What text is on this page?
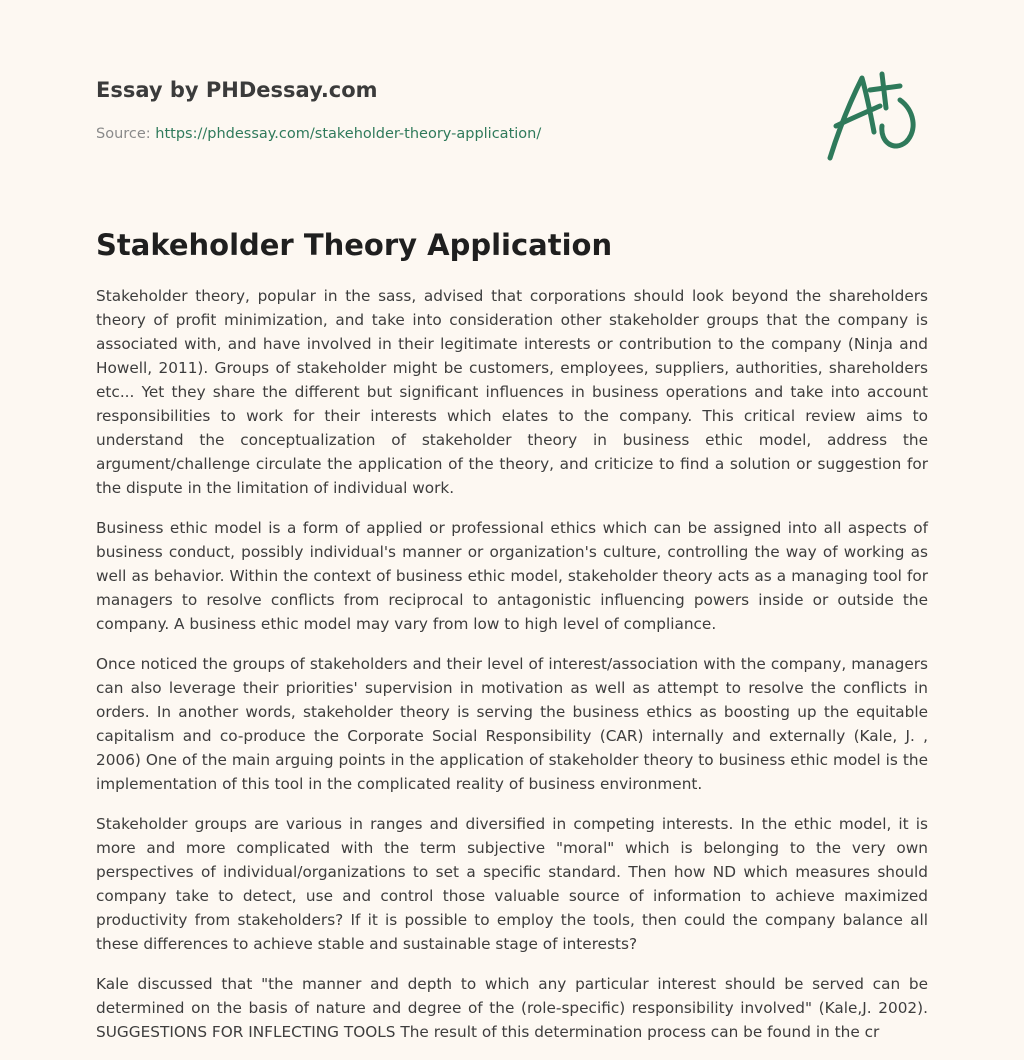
Essay by PHDessay.com
Source: https://phdessay.com/stakeholder-theory-application/
Stakeholder Theory Application

Stakeholder theory, popular in the sass, advised that corporations should look beyond the shareholders theory of profit minimization, and take into consideration other stakeholder groups that the company is associated with, and have involved in their legitimate interests or contribution to the company (Ninja and Howell, 2011). Groups of stakeholder might be customers, employees, suppliers, authorities, shareholders etc... Yet they share the different but significant influences in business operations and take into account responsibilities to work for their interests which elates to the company. This critical review aims to understand the conceptualization of stakeholder theory in business ethic model, address the argument/challenge circulate the application of the theory, and criticize to find a solution or suggestion for the dispute in the limitation of individual work.

Business ethic model is a form of applied or professional ethics which can be assigned into all aspects of business conduct, possibly individual's manner or organization's culture, controlling the way of working as well as behavior. Within the context of business ethic model, stakeholder theory acts as a managing tool for managers to resolve conflicts from reciprocal to antagonistic influencing powers inside or outside the company. A business ethic model may vary from low to high level of compliance.

Once noticed the groups of stakeholders and their level of interest/association with the company, managers can also leverage their priorities' supervision in motivation as well as attempt to resolve the conflicts in orders. In another words, stakeholder theory is serving the business ethics as boosting up the equitable capitalism and co-produce the Corporate Social Responsibility (CAR) internally and externally (Kale, J. , 2006) One of the main arguing points in the application of stakeholder theory to business ethic model is the implementation of this tool in the complicated reality of business environment.

Stakeholder groups are various in ranges and diversified in competing interests. In the ethic model, it is more and more complicated with the term subjective "moral" which is belonging to the very own perspectives of individual/organizations to set a specific standard. Then how ND which measures should company take to detect, use and control those valuable source of information to achieve maximized productivity from stakeholders? If it is possible to employ the tools, then could the company balance all these differences to achieve stable and sustainable stage of interests?

Kale discussed that "the manner and depth to which any particular interest should be served can be determined on the basis of nature and degree of the (role-specific) responsibility involved" (Kale,J. 2002). SUGGESTIONS FOR INFLECTING TOOLS The result of this determination process can be found in the cr
